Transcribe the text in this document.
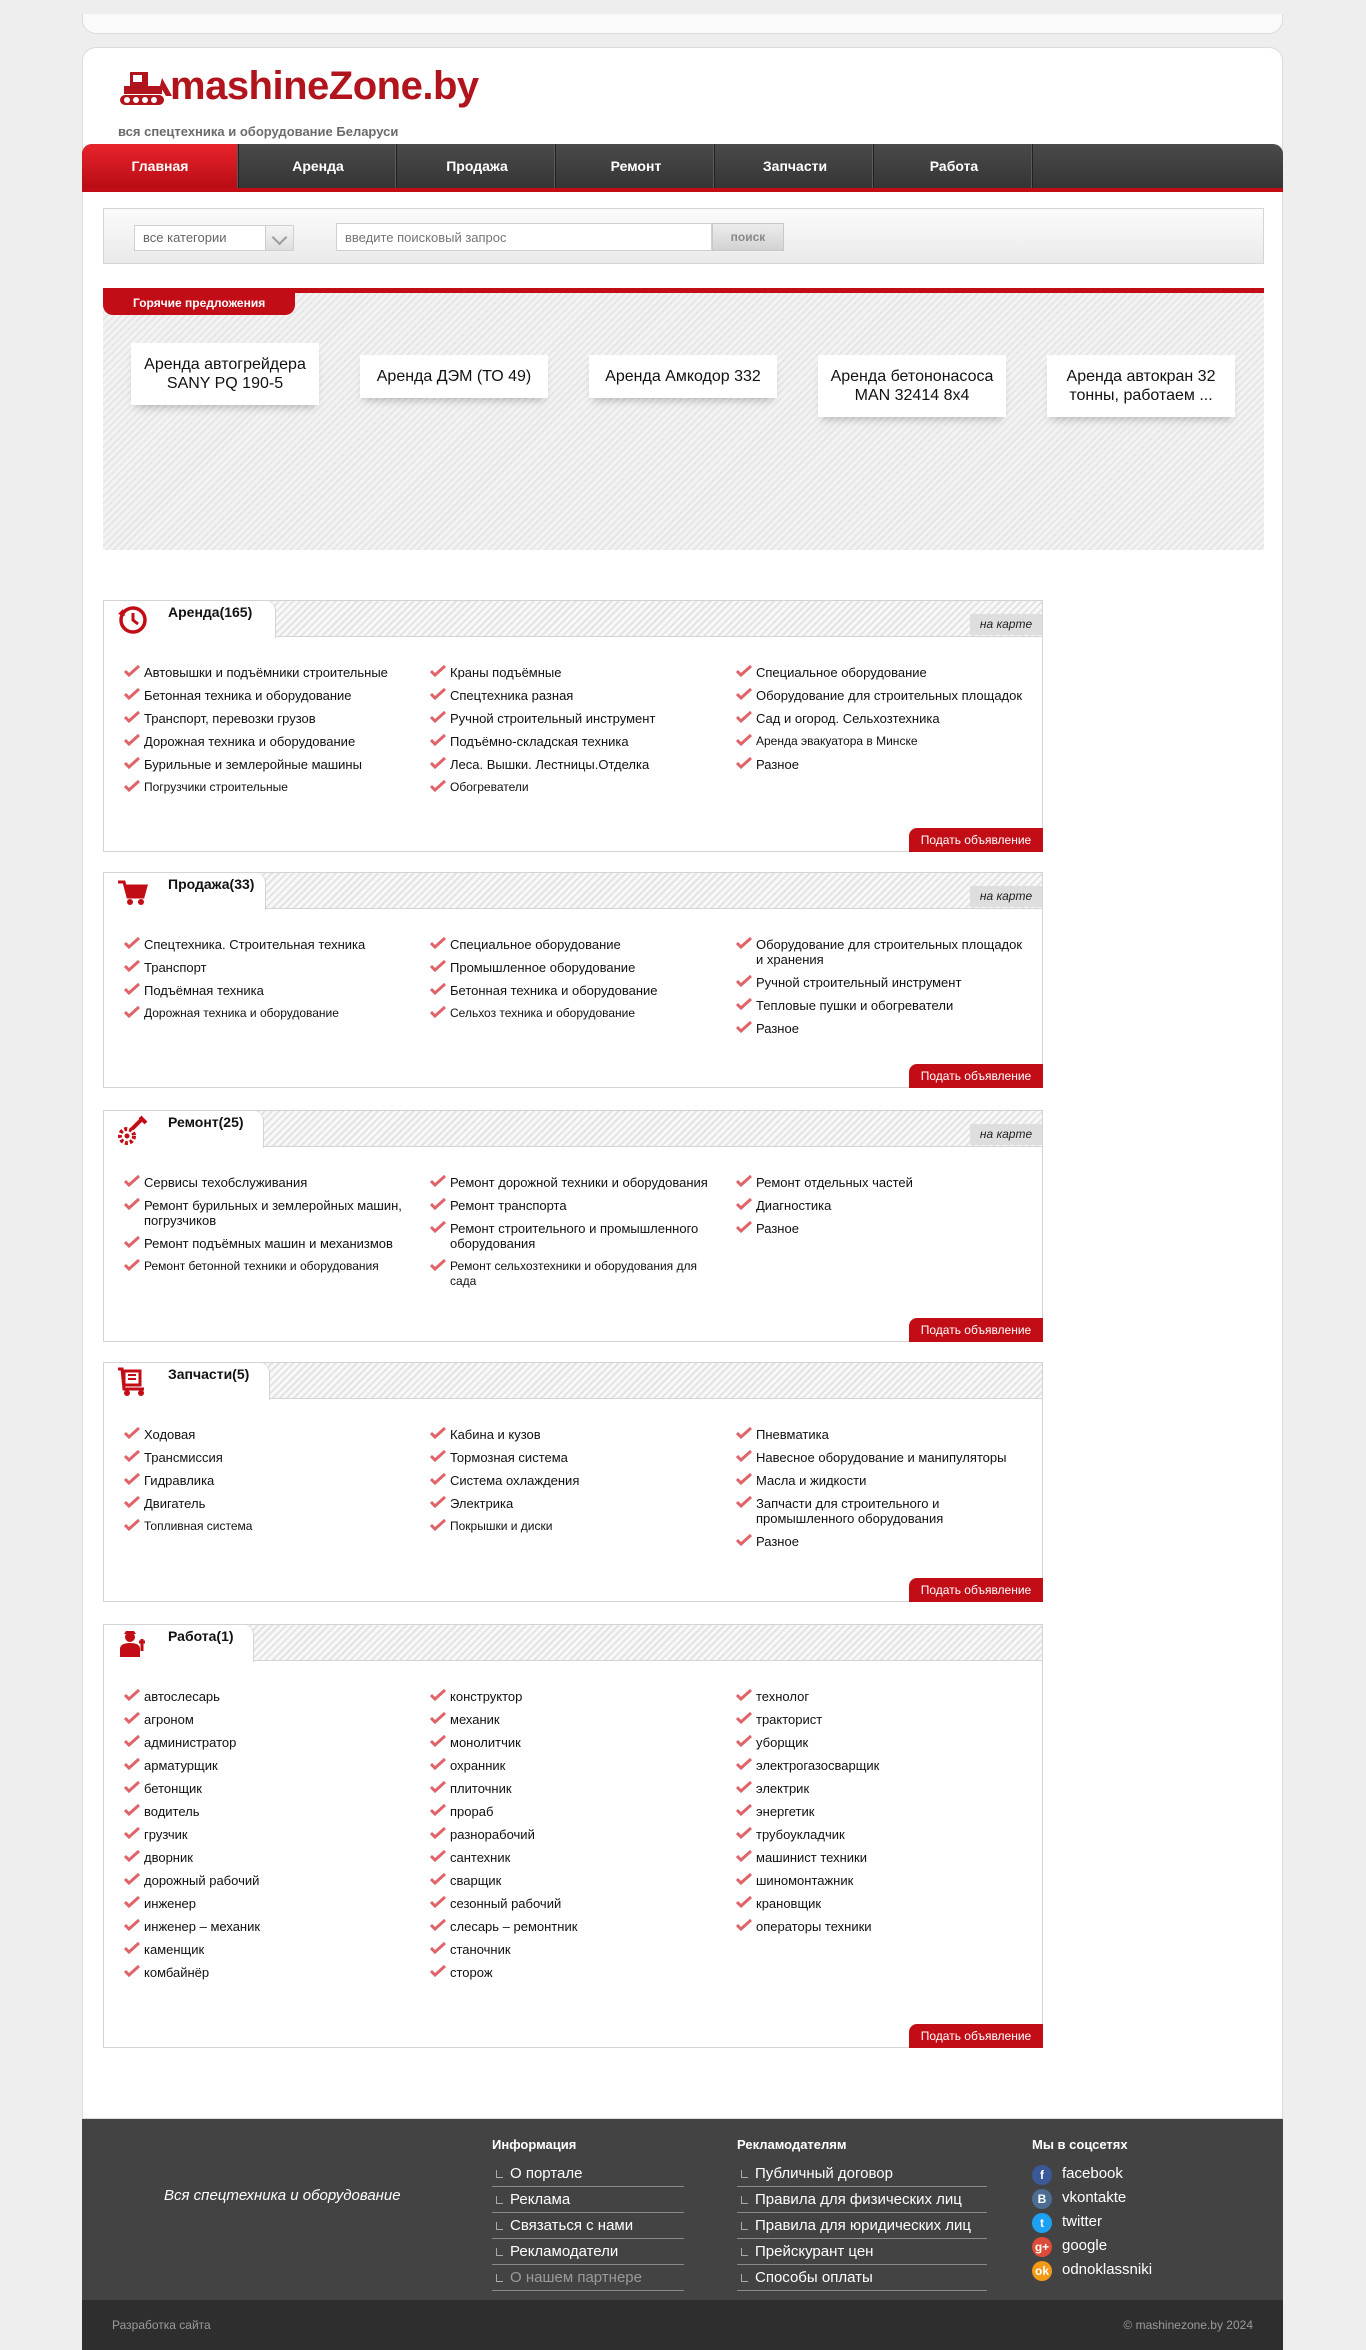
mashineZone.by
вся спецтехника и оборудование Беларуси
Главная	Аренда	Продажа	Ремонт	Запчасти	Работа
все категории
введите поисковый запрос	поиск
Горячие предложения
Аренда автогрейдера SANY PQ 190-5	Аренда ДЭМ (ТО 49)	Аренда Амкодор 332	Аренда бетононасоса MAN 32414 8x4
Аренда автокран 32 тонны, работаем ...
Аренда(165)
на карте
Автовышки и подъёмники строительные
Бетонная техника и оборудование
Транспорт, перевозки грузов
Дорожная техника и оборудование
Бурильные и землеройные машины
Погрузчики строительные
Краны подъёмные
Спецтехника разная
Ручной строительный инструмент
Подъёмно-складская техника
Леса. Вышки. Лестницы.Отделка
Обогреватели
Специальное оборудование
Оборудование для строительных площадок
Сад и огород. Сельхозтехника
Аренда эвакуатора в Минске
Разное
Подать объявление
Продажа(33)
на карте
Спецтехника. Строительная техника
Транспорт
Подъёмная техника
Дорожная техника и оборудование
Специальное оборудование
Промышленное оборудование
Бетонная техника и оборудование
Сельхоз техника и оборудование
Оборудование для строительных площадок и хранения
Ручной строительный инструмент
Тепловые пушки и обогреватели
Разное
Подать объявление
Ремонт(25)
на карте
Сервисы техобслуживания
Ремонт бурильных и землеройных машин, погрузчиков
Ремонт подъёмных машин и механизмов
Ремонт бетонной техники и оборудования
Ремонт дорожной техники и оборудования
Ремонт транспорта
Ремонт строительного и промышленного оборудования
Ремонт сельхозтехники и оборудования для сада
Ремонт отдельных частей
Диагностика
Разное
Подать объявление
Запчасти(5)
Ходовая
Трансмиссия
Гидравлика
Двигатель
Топливная система
Кабина и кузов
Тормозная система
Система охлаждения
Электрика
Покрышки и диски
Пневматика
Навесное оборудование и манипуляторы
Масла и жидкости
Запчасти для строительного и промышленного оборудования
Разное
Подать объявление
Работа(1)
автослесарь
агроном
администратор
арматурщик
бетонщик
водитель
грузчик
дворник
дорожный рабочий
инженер
инженер – механик
каменщик
комбайнёр
конструктор
механик
монолитчик
охранник
плиточник
прораб
разнорабочий
сантехник
сварщик
сезонный рабочий
слесарь – ремонтник
станочник
сторож
технолог
тракторист
уборщик
электрогазосварщик
электрик
энергетик
трубоукладчик
машинист техники
шиномонтажник
крановщик
операторы техники
Подать объявление
Вся спецтехника и оборудование
Информация
О портале
Реклама
Связаться с нами
Рекламодатели
О нашем партнере
Рекламодателям
Публичный договор
Правила для физических лиц
Правила для юридических лиц
Прейскурант цен
Способы оплаты
Мы в соцсетях
f	facebook
В	vkontakte
t	twitter
g+ google
ok odnoklassniki
Разработка сайта	© mashinezone.by 2024
